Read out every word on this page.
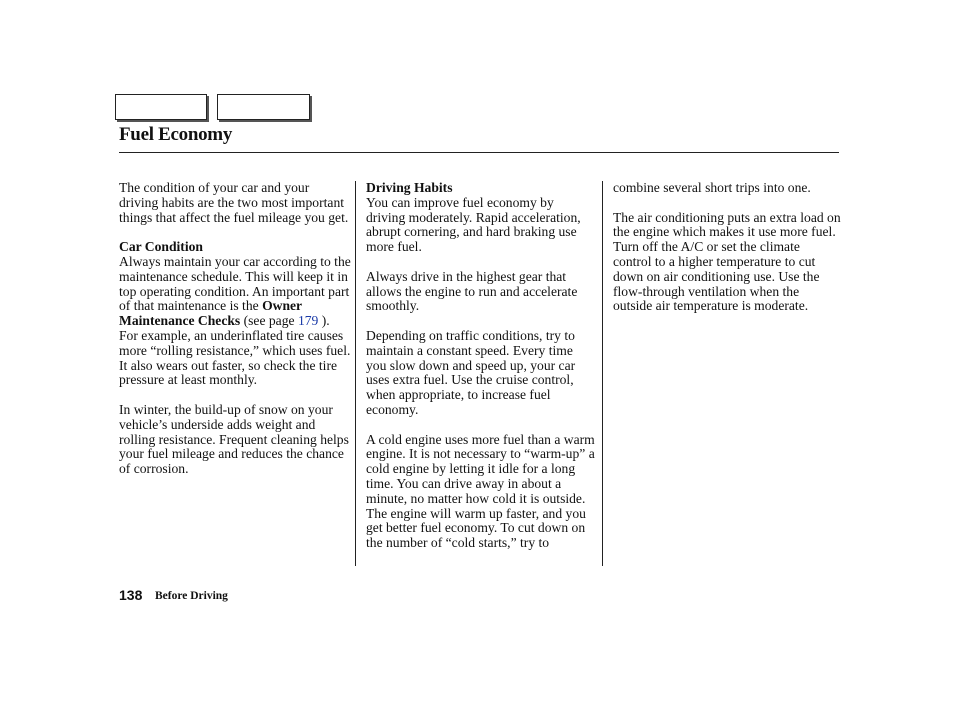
Fuel Economy

The condition of your car and your driving habits are the two most important things that affect the fuel mileage you get.

Car Condition
Always maintain your car according to the maintenance schedule. This will keep it in top operating condition. An important part of that maintenance is the Owner Maintenance Checks (see page 179 ). For example, an underinflated tire causes more “rolling resistance,” which uses fuel. It also wears out faster, so check the tire pressure at least monthly.

In winter, the build-up of snow on your vehicle’s underside adds weight and rolling resistance. Frequent cleaning helps your fuel mileage and reduces the chance of corrosion.

Driving Habits
You can improve fuel economy by driving moderately. Rapid acceleration, abrupt cornering, and hard braking use more fuel.

Always drive in the highest gear that allows the engine to run and accelerate smoothly.

Depending on traffic conditions, try to maintain a constant speed. Every time you slow down and speed up, your car uses extra fuel. Use the cruise control, when appropriate, to increase fuel economy.

A cold engine uses more fuel than a warm engine. It is not necessary to “warm-up” a cold engine by letting it idle for a long time. You can drive away in about a minute, no matter how cold it is outside. The engine will warm up faster, and you get better fuel economy. To cut down on the number of “cold starts,” try to

combine several short trips into one.

The air conditioning puts an extra load on the engine which makes it use more fuel. Turn off the A/C or set the climate control to a higher temperature to cut down on air conditioning use. Use the flow-through ventilation when the outside air temperature is moderate.

138 Before Driving
